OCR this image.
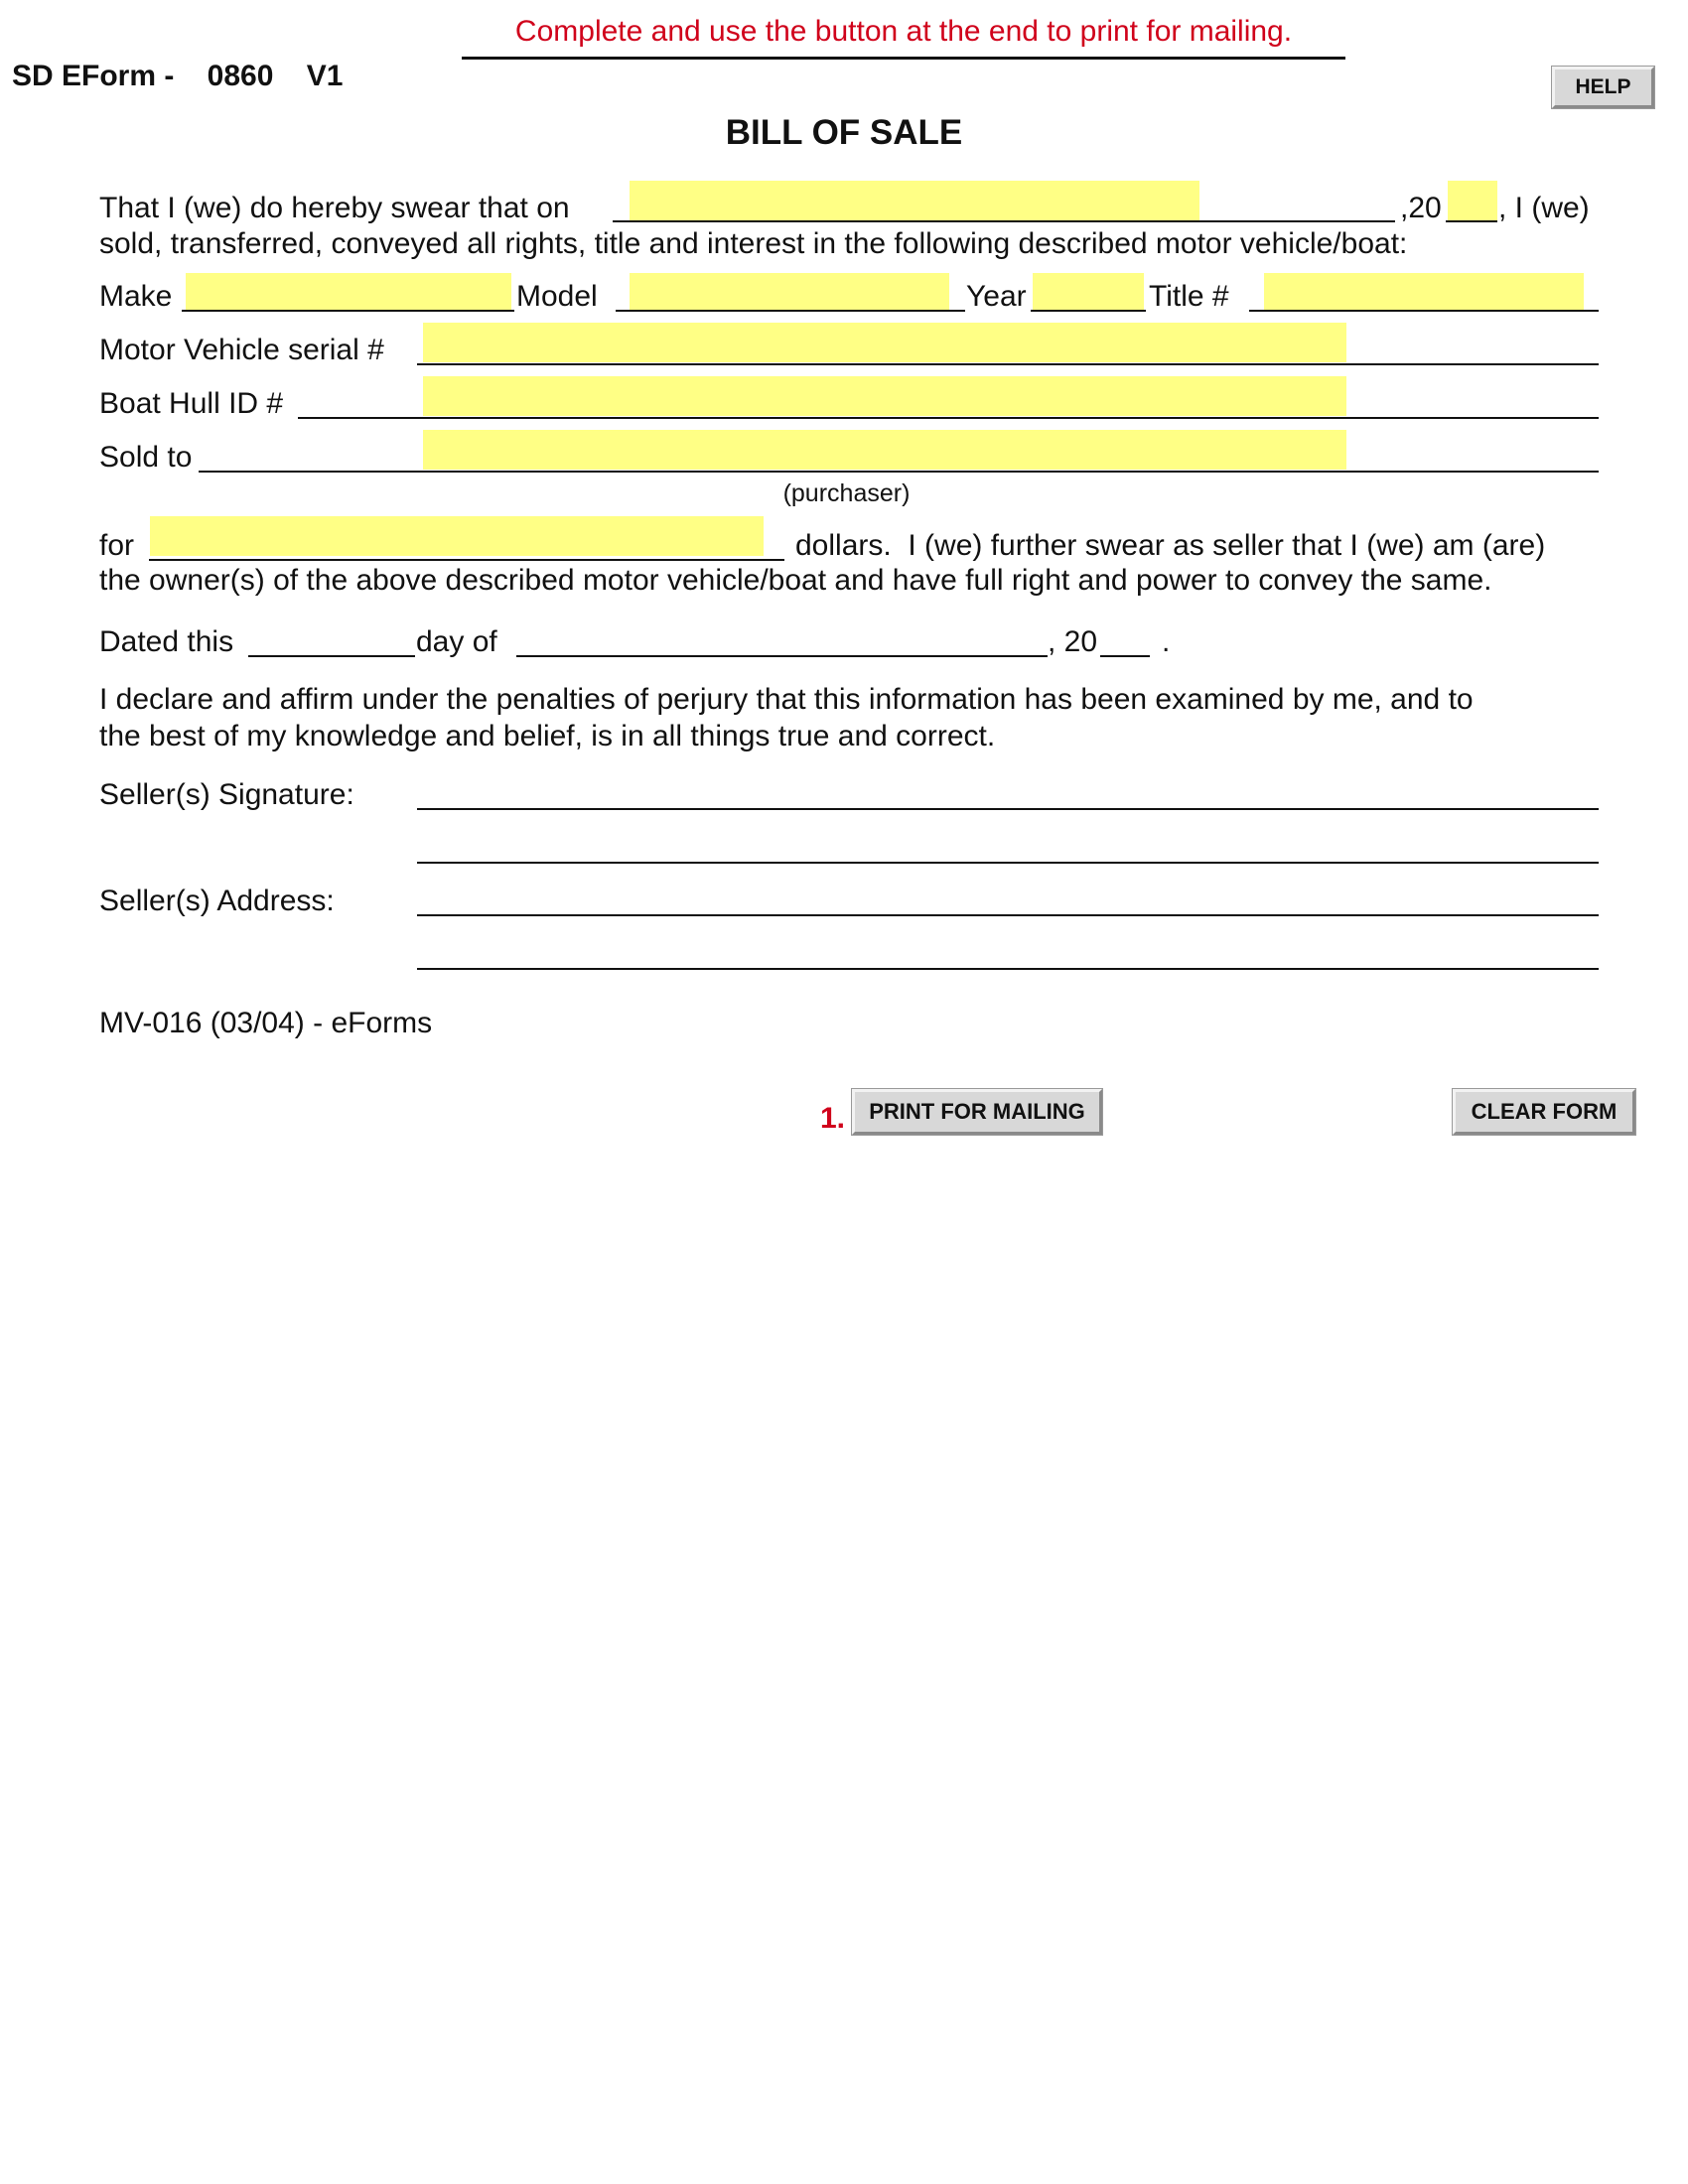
Complete and use the button at the end to print for mailing.
SD EForm -    0860    V1	HELP
BILL OF SALE
That I (we) do hereby swear that on	,20 , I (we)
sold, transferred, conveyed all rights, title and interest in the following described motor vehicle/boat:
Make	Model	Year	Title #
Motor Vehicle serial #
Boat Hull ID #
Sold to
(purchaser)
for	dollars.  I (we) further swear as seller that I (we) am (are)
the owner(s) of the above described motor vehicle/boat and have full right and power to convey the same.
Dated this	day of	, 20 .
I declare and affirm under the penalties of perjury that this information has been examined by me, and to
the best of my knowledge and belief, is in all things true and correct.
Seller(s) Signature:
Seller(s) Address:
MV-016 (03/04) - eForms
1.	PRINT FOR MAILING	CLEAR FORM
